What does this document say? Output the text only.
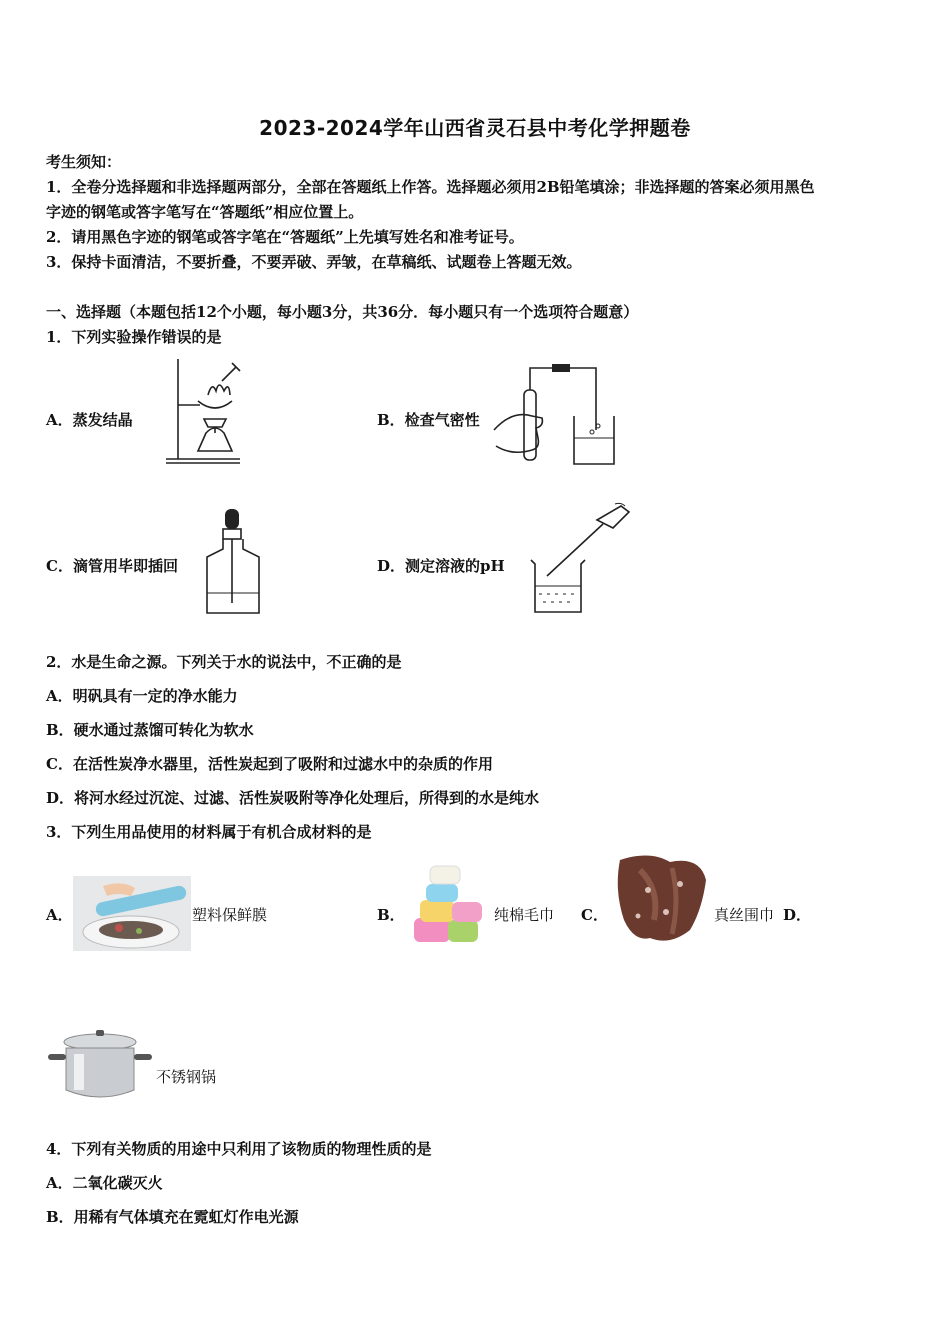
2023-2024学年山西省灵石县中考化学押题卷
考生须知：
1．全卷分选择题和非选择题两部分，全部在答题纸上作答。选择题必须用2B铅笔填涂；非选择题的答案必须用黑色
字迹的钢笔或答字笔写在“答题纸”相应位置上。
2．请用黑色字迹的钢笔或答字笔在“答题纸”上先填写姓名和准考证号。
3．保持卡面清洁，不要折叠，不要弄破、弄皱，在草稿纸、试题卷上答题无效。
一、选择题（本题包括12个小题，每小题3分，共36分．每小题只有一个选项符合题意）
1．下列实验操作错误的是
A．蒸发结晶	B．检查气密性
C．滴管用毕即插回	D．测定溶液的pH
2．水是生命之源。下列关于水的说法中，不正确的是
A．明矾具有一定的净水能力
B．硬水通过蒸馏可转化为软水
C．在活性炭净水器里，活性炭起到了吸附和过滤水中的杂质的作用
D．将河水经过沉淀、过滤、活性炭吸附等净化处理后，所得到的水是纯水
3．下列生用品使用的材料属于有机合成材料的是
A．	塑料保鲜膜	B．	纯棉毛巾 C．	真丝围巾 D．
不锈钢锅
4．下列有关物质的用途中只利用了该物质的物理性质的是
A．二氧化碳灭火
B．用稀有气体填充在霓虹灯作电光源
